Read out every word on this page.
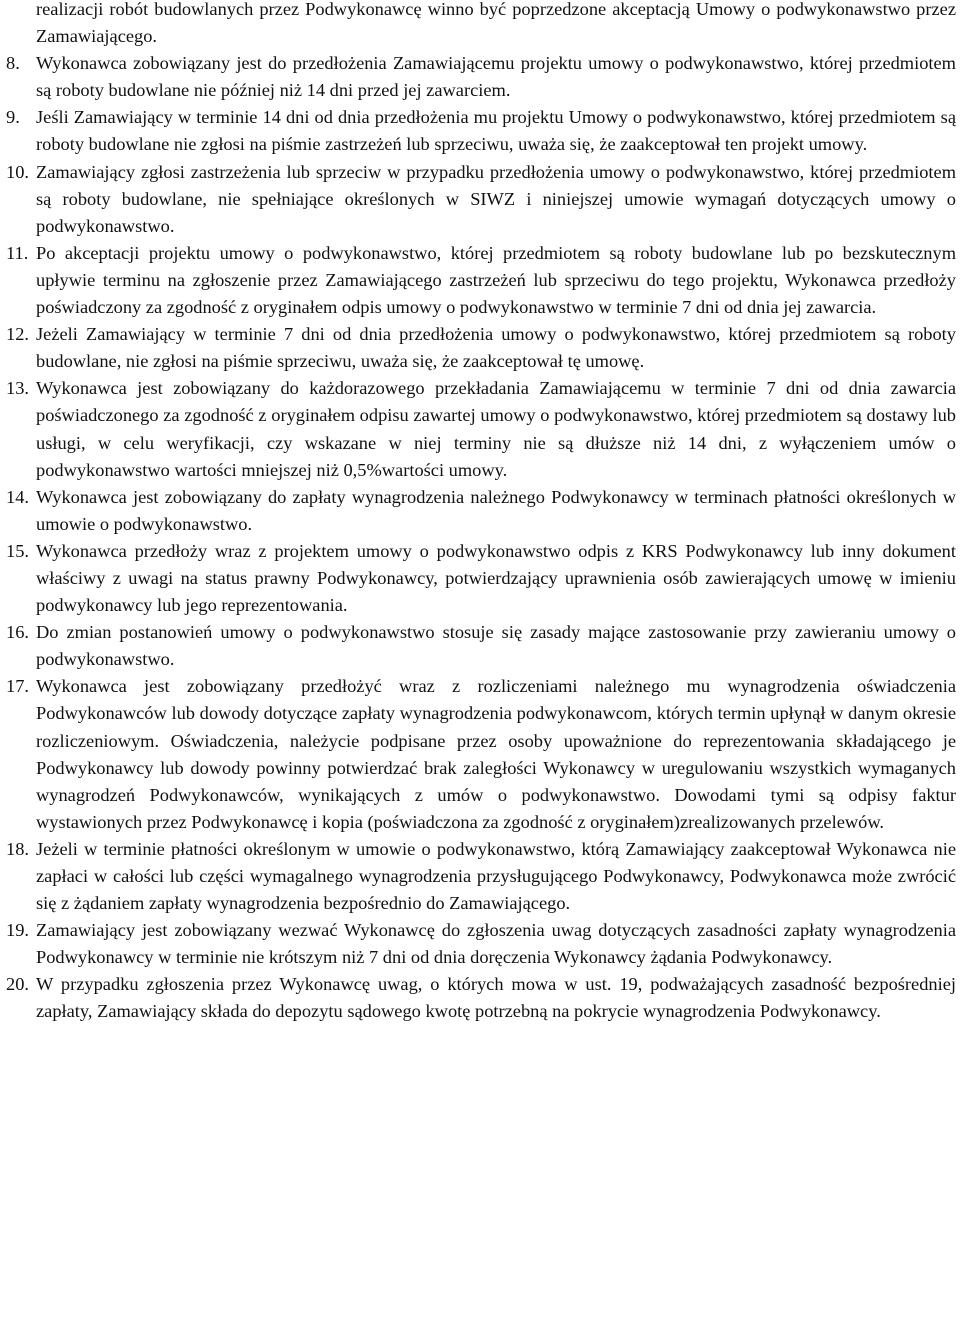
realizacji robót budowlanych przez Podwykonawcę winno być poprzedzone akceptacją Umowy o podwykonawstwo przez Zamawiającego.

8. Wykonawca zobowiązany jest do przedłożenia Zamawiającemu projektu umowy o podwykonawstwo, której przedmiotem są roboty budowlane nie później niż 14 dni przed jej zawarciem.
9. Jeśli Zamawiający w terminie 14 dni od dnia przedłożenia mu projektu Umowy o podwykonawstwo, której przedmiotem są roboty budowlane nie zgłosi na piśmie zastrzeżeń lub sprzeciwu, uważa się, że zaakceptował ten projekt umowy.
10. Zamawiający zgłosi zastrzeżenia lub sprzeciw w przypadku przedłożenia umowy o podwykonawstwo, której przedmiotem są roboty budowlane, nie spełniające określonych w SIWZ i niniejszej umowie wymagań dotyczących umowy o podwykonawstwo.
11. Po akceptacji projektu umowy o podwykonawstwo, której przedmiotem są roboty budowlane lub po bezskutecznym upływie terminu na zgłoszenie przez Zamawiającego zastrzeżeń lub sprzeciwu do tego projektu, Wykonawca przedłoży poświadczony za zgodność z oryginałem odpis umowy o podwykonawstwo w terminie 7 dni od dnia jej zawarcia.
12. Jeżeli Zamawiający w terminie 7 dni od dnia przedłożenia umowy o podwykonawstwo, której przedmiotem są roboty budowlane, nie zgłosi na piśmie sprzeciwu, uważa się, że zaakceptował tę umowę.
13. Wykonawca jest zobowiązany do każdorazowego przekładania Zamawiającemu w terminie 7 dni od dnia zawarcia poświadczonego za zgodność z oryginałem odpisu zawartej umowy o podwykonawstwo, której przedmiotem są dostawy lub usługi, w celu weryfikacji, czy wskazane w niej terminy nie są dłuższe niż 14 dni, z wyłączeniem umów o podwykonawstwo wartości mniejszej niż 0,5%wartości umowy.
14. Wykonawca jest zobowiązany do zapłaty wynagrodzenia należnego Podwykonawcy w terminach płatności określonych w umowie o podwykonawstwo.
15. Wykonawca przedłoży wraz z projektem umowy o podwykonawstwo odpis z KRS Podwykonawcy lub inny dokument właściwy z uwagi na status prawny Podwykonawcy, potwierdzający uprawnienia osób zawierających umowę w imieniu podwykonawcy lub jego reprezentowania.
16. Do zmian postanowień umowy o podwykonawstwo stosuje się zasady mające zastosowanie przy zawieraniu umowy o podwykonawstwo.
17. Wykonawca jest zobowiązany przedłożyć wraz z rozliczeniami należnego mu wynagrodzenia oświadczenia Podwykonawców lub dowody dotyczące zapłaty wynagrodzenia podwykonawcom, których termin upłynął w danym okresie rozliczeniowym. Oświadczenia, należycie podpisane przez osoby upoważnione do reprezentowania składającego je Podwykonawcy lub dowody powinny potwierdzać brak zaległości Wykonawcy w uregulowaniu wszystkich wymaganych wynagrodzeń Podwykonawców, wynikających z umów o podwykonawstwo. Dowodami tymi są odpisy faktur wystawionych przez Podwykonawcę i kopia (poświadczona za zgodność z oryginałem)zrealizowanych przelewów.
18. Jeżeli w terminie płatności określonym w umowie o podwykonawstwo, którą Zamawiający zaakceptował Wykonawca nie zapłaci w całości lub części wymagalnego wynagrodzenia przysługującego Podwykonawcy, Podwykonawca może zwrócić się z żądaniem zapłaty wynagrodzenia bezpośrednio do Zamawiającego.
19. Zamawiający jest zobowiązany wezwać Wykonawcę do zgłoszenia uwag dotyczących zasadności zapłaty wynagrodzenia Podwykonawcy w terminie nie krótszym niż 7 dni od dnia doręczenia Wykonawcy żądania Podwykonawcy.
20. W przypadku zgłoszenia przez Wykonawcę uwag, o których mowa w ust. 19, podważających zasadność bezpośredniej zapłaty, Zamawiający składa do depozytu sądowego kwotę potrzebną na pokrycie wynagrodzenia Podwykonawcy.
